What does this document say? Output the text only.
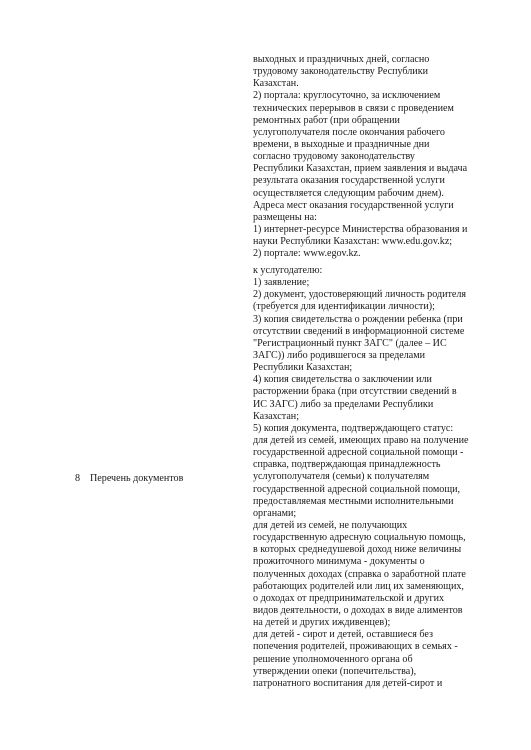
выходных и праздничных дней, согласно
трудовому законодательству Республики
Казахстан.
2) портала: круглосуточно, за исключением
технических перерывов в связи с проведением
ремонтных работ (при обращении
услугополучателя после окончания рабочего
времени, в выходные и праздничные дни
согласно трудовому законодательству
Республики Казахстан, прием заявления и выдача
результата оказания государственной услуги
осуществляется следующим рабочим днем).
Адреса мест оказания государственной услуги
размещены на:
1) интернет-ресурсе Министерства образования и
науки Республики Казахстан: www.edu.gov.kz;
2) портале: www.egov.kz.
8 Перечень документов
к услугодателю:
1) заявление;
2) документ, удостоверяющий личность родителя
(требуется для идентификации личности);
3) копия свидетельства о рождении ребенка (при
отсутствии сведений в информационной системе
"Регистрационный пункт ЗАГС" (далее – ИС
ЗАГС)) либо родившегося за пределами
Республики Казахстан;
4) копия свидетельства о заключении или
расторжении брака (при отсутствии сведений в
ИС ЗАГС) либо за пределами Республики
Казахстан;
5) копия документа, подтверждающего статус:
для детей из семей, имеющих право на получение
государственной адресной социальной помощи -
справка, подтверждающая принадлежность
услугополучателя (семьи) к получателям
государственной адресной социальной помощи,
предоставляемая местными исполнительными
органами;
для детей из семей, не получающих
государственную адресную социальную помощь,
в которых среднедушевой доход ниже величины
прожиточного минимума - документы о
полученных доходах (справка о заработной плате
работающих родителей или лиц их заменяющих,
о доходах от предпринимательской и других
видов деятельности, о доходах в виде алиментов
на детей и других иждивенцев);
для детей - сирот и детей, оставшиеся без
попечения родителей, проживающих в семьях -
решение уполномоченного органа об
утверждении опеки (попечительства),
патронатного воспитания для детей-сирот и
